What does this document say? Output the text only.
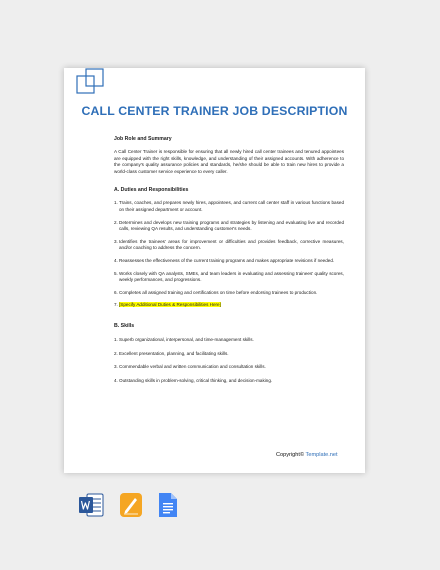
CALL CENTER TRAINER JOB DESCRIPTION

Job Role and Summary

A Call Center Trainer is responsible for ensuring that all newly hired call center trainees and tenured appointees are equipped with the right skills, knowledge, and understanding of their assigned accounts. With adherence to the company's quality assurance policies and standards, he/she should be able to train new hires to provide a world-class customer service experience to every caller.

A. Duties and Responsibilities

1. Trains, coaches, and prepares newly hires, appointees, and current call center staff in various functions based on their assigned department or account.
2. Determines and develops new training programs and strategies by listening and evaluating live and recorded calls, reviewing QA results, and understanding customer's needs.
3. Identifies the trainees' areas for improvement or difficulties and provides feedback, corrective measures, and/or coaching to address the concern.
4. Reassesses the effectiveness of the current training programs and makes appropriate revisions if needed.
5. Works closely with QA analysts, SMEs, and team leaders in evaluating and assessing trainees' quality scores, weekly performances, and progressions.
6. Completes all assigned training and certifications on time before endorsing trainees to production.
7. [Specify Additional Duties & Responsibilities Here]

B. Skills

1. Superb organizational, interpersonal, and time-management skills.
2. Excellent presentation, planning, and facilitating skills.
3. Commendable verbal and written communication and consultation skills.
4. Outstanding skills in problem-solving, critical thinking, and decision-making.
Copyright© Template.net
